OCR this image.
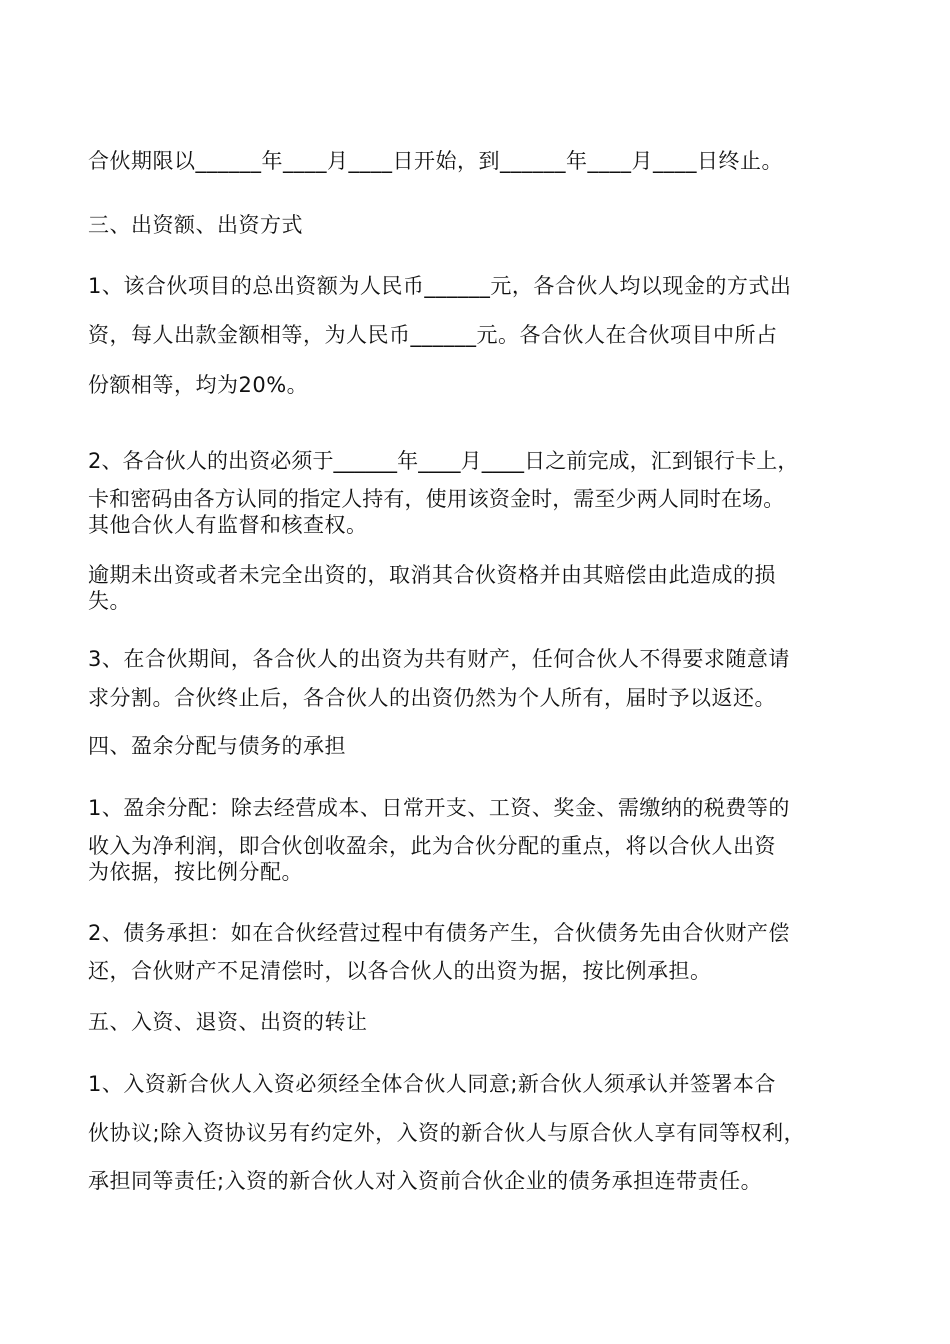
合伙期限以______年____月____日开始，到______年____月____日终止。
三、出资额、出资方式
1、该合伙项目的总出资额为人民币______元，各合伙人均以现金的方式出
资，每人出款金额相等，为人民币______元。各合伙人在合伙项目中所占
份额相等，均为20%。
2、各合伙人的出资必须于______年____月____日之前完成，汇到银行卡上，
卡和密码由各方认同的指定人持有，使用该资金时，需至少两人同时在场。
其他合伙人有监督和核查权。
逾期未出资或者未完全出资的，取消其合伙资格并由其赔偿由此造成的损
失。
3、在合伙期间，各合伙人的出资为共有财产，任何合伙人不得要求随意请
求分割。合伙终止后，各合伙人的出资仍然为个人所有，届时予以返还。
四、盈余分配与债务的承担
1、盈余分配：除去经营成本、日常开支、工资、奖金、需缴纳的税费等的
收入为净利润，即合伙创收盈余，此为合伙分配的重点，将以合伙人出资
为依据，按比例分配。
2、债务承担：如在合伙经营过程中有债务产生，合伙债务先由合伙财产偿
还，合伙财产不足清偿时，以各合伙人的出资为据，按比例承担。
五、入资、退资、出资的转让
1、入资新合伙人入资必须经全体合伙人同意;新合伙人须承认并签署本合
伙协议;除入资协议另有约定外，入资的新合伙人与原合伙人享有同等权利，
承担同等责任;入资的新合伙人对入资前合伙企业的债务承担连带责任。
